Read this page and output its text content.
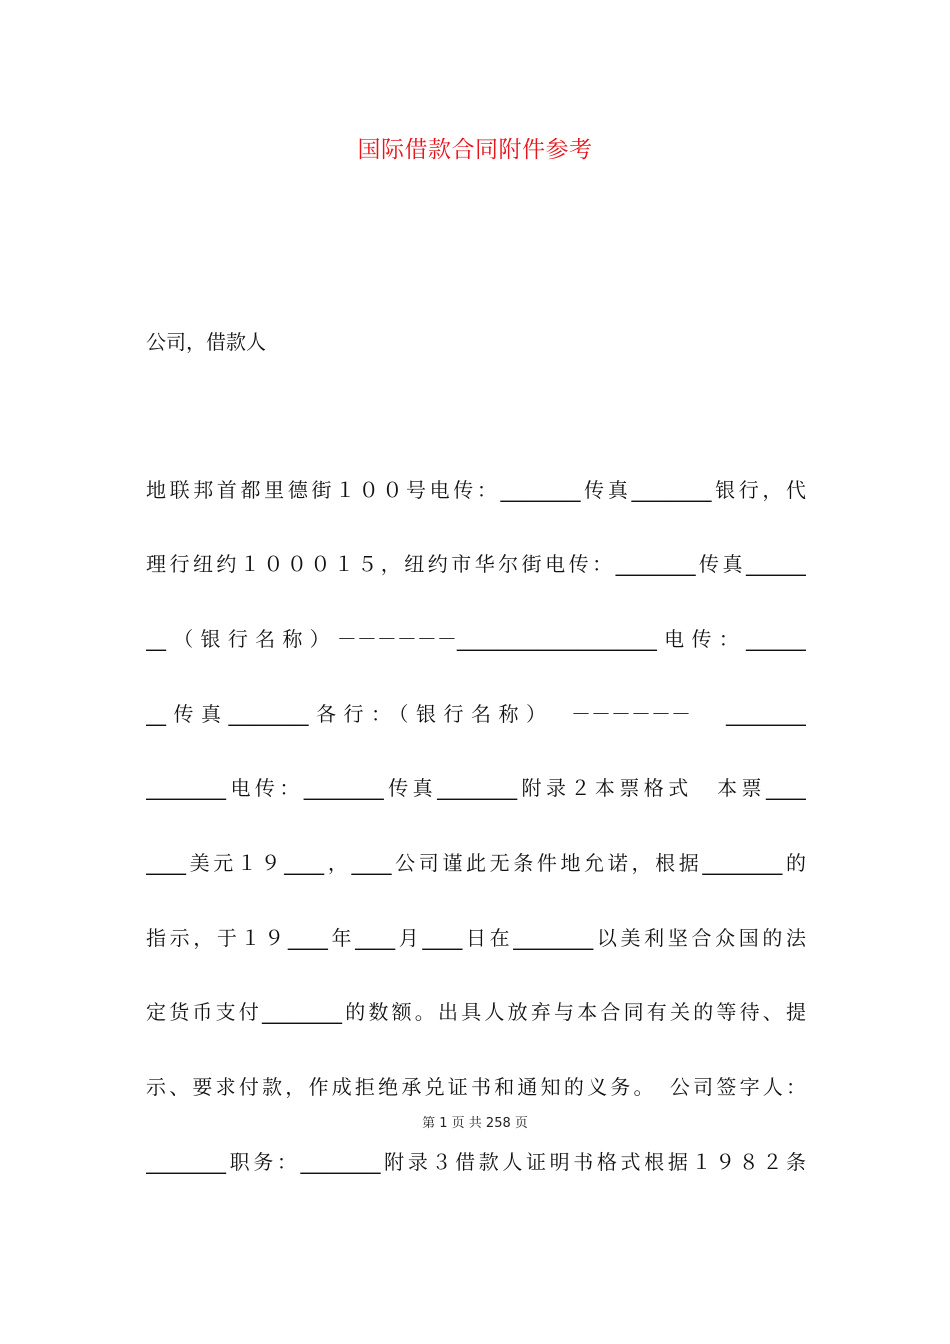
国际借款合同附件参考
公司，借款人
地联邦首都里德街１００号电传：________传真________银行，代
理行纽约１０００１５，纽约市华尔街电传：________传真______
__（银行名称）－－－－－－____________________电传：______
__传真________各行：（银行名称）　－－－－－－　________
________电传：________传真________附录２本票格式　本票____
____美元１９____，____公司谨此无条件地允诺，根据________的
指示，于１９____年____月____日在________以美利坚合众国的法
定货币支付________的数额。出具人放弃与本合同有关的等待、提
示、要求付款，作成拒绝承兑证书和通知的义务。　公司签字人：
第 1 页 共 258 页
________职务：________附录３借款人证明书格式根据１９８２条
